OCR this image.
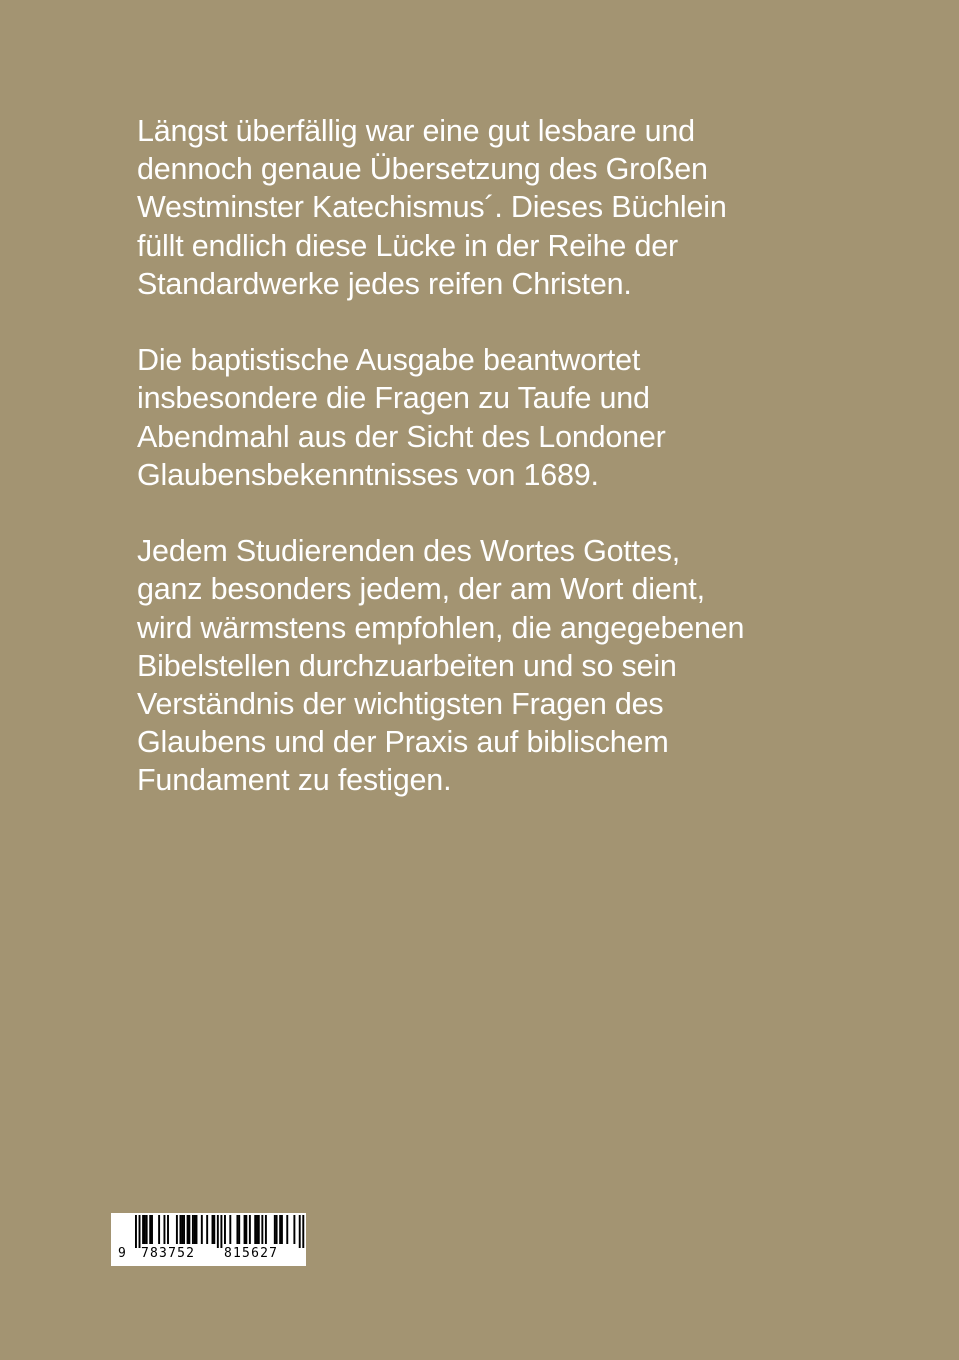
Längst überfällig war eine gut lesbare und
dennoch genaue Übersetzung des Großen
Westminster Katechismus´. Dieses Büchlein
füllt endlich diese Lücke in der Reihe der
Standardwerke jedes reifen Christen.

Die baptistische Ausgabe beantwortet
insbesondere die Fragen zu Taufe und
Abendmahl aus der Sicht des Londoner
Glaubensbekenntnisses von 1689.

Jedem Studierenden des Wortes Gottes,
ganz besonders jedem, der am Wort dient,
wird wärmstens empfohlen, die angegebenen
Bibelstellen durchzuarbeiten und so sein
Verständnis der wichtigsten Fragen des
Glaubens und der Praxis auf biblischem
Fundament zu festigen.

9 783752 815627
